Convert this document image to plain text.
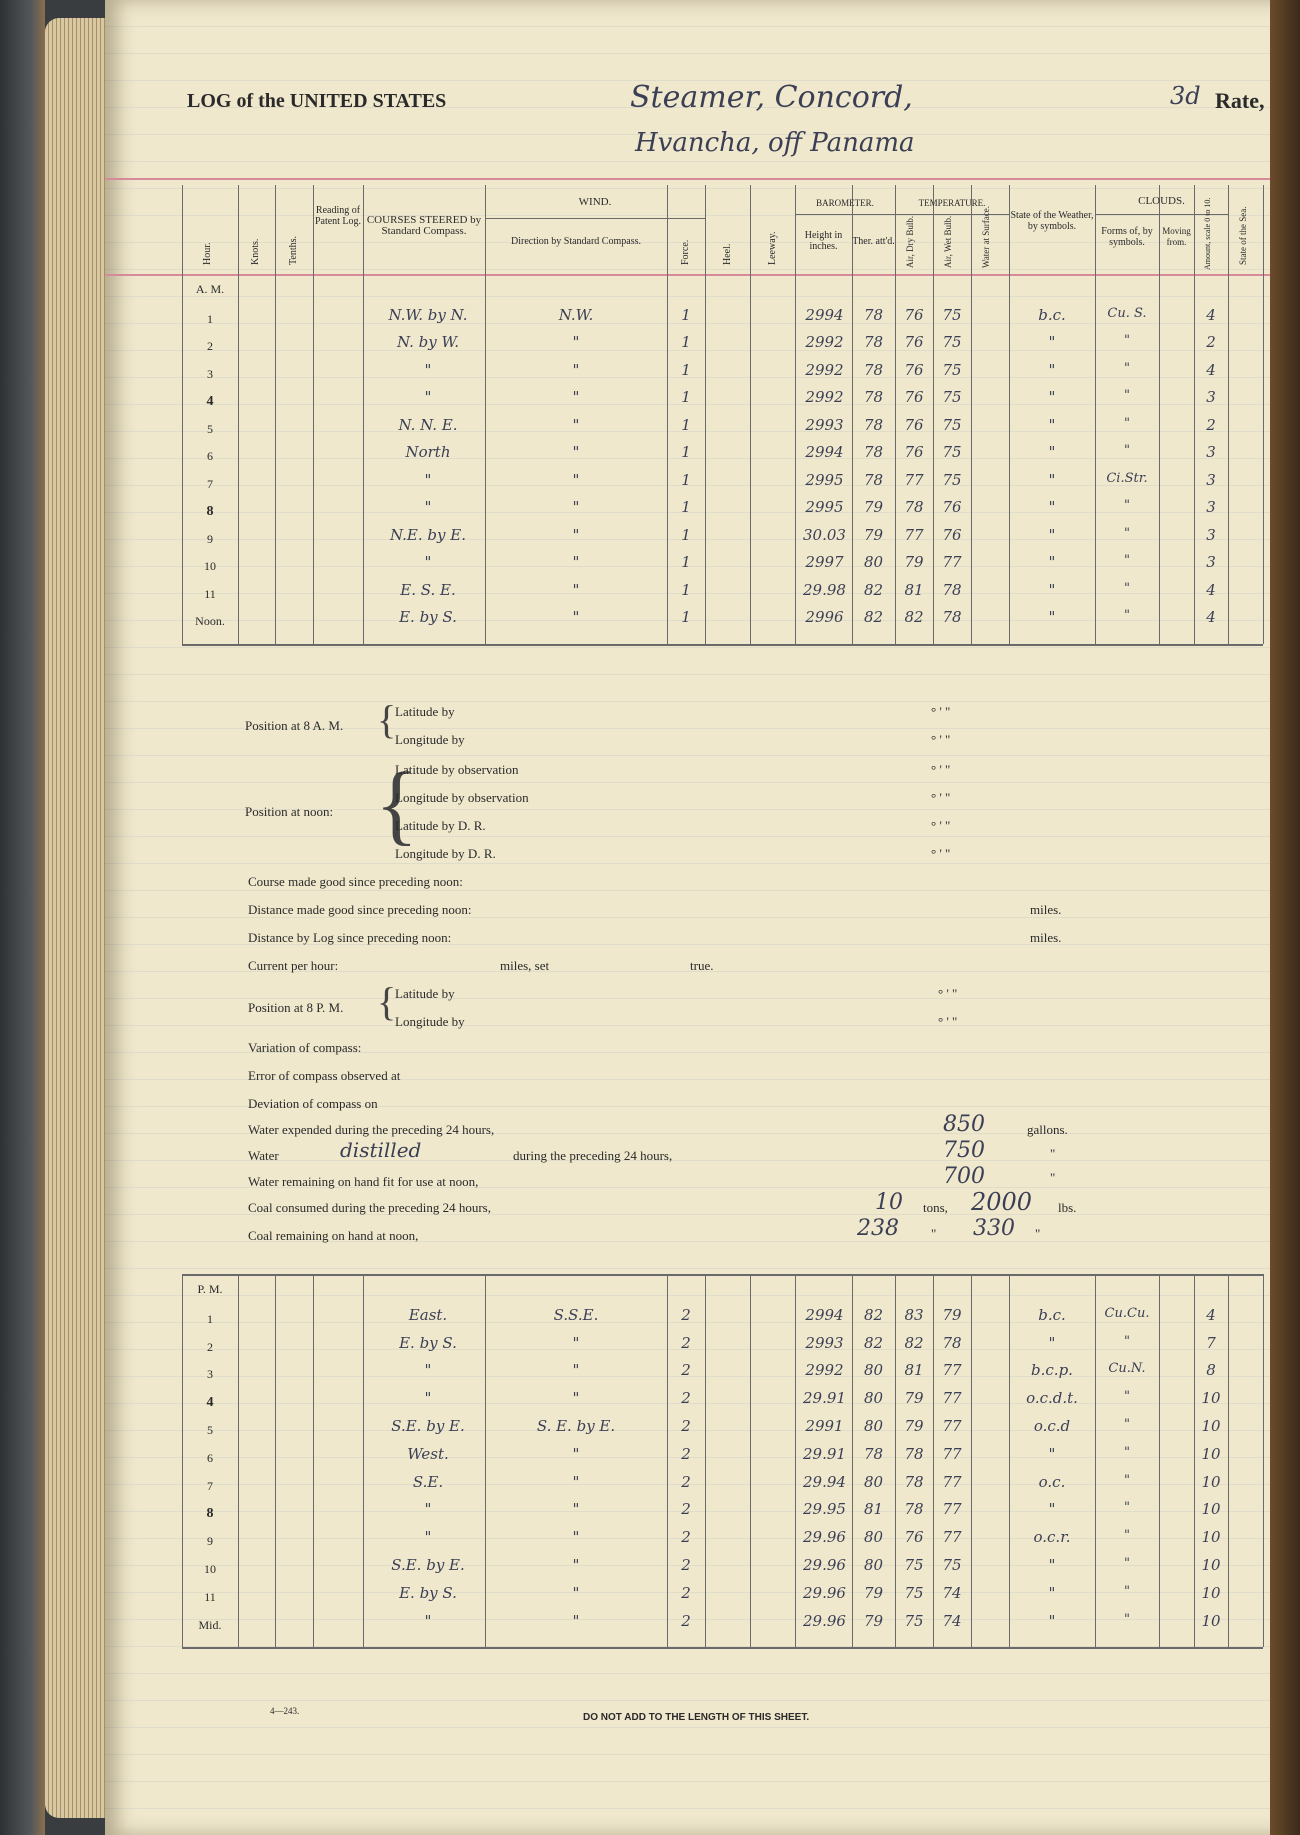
LOG of the UNITED STATES	Steamer, Concord,
Hvancha, off Panama
3d Rate,
Hour.	Knots.	Tenths.
Reading of Patent Log. COURSES STEERED by Standard Compass.
WIND.
Direction by Standard Compass.	Force.	Heel.	Leeway.
BAROMETER.
Height in inches.	Ther. att'd.
TEMPERATURE.
Air, Dry Bulb.	Air, Wet Bulb.	Water at Surface. State of the Weather, by symbols.
CLOUDS.
Forms of, by symbols.
Moving from.	Amount, scale 0 to 10.	State of the Sea.
A. M.
1	N.W. by N.	N.W.	1	2994	78	76	75	b.c.	Cu. S.	4
2	N. by W.	"	1	2992	78	76	75	"	"	2
3	"	"	1	2992	78	76	75	"	"	4
4	"	"	1	2992	78	76	75	"	"	3
5	N. N. E.	"	1	2993	78	76	75	"	"	2
6	North	"	1	2994	78	76	75	"	"	3
7	"	"	1	2995	78	77	75	"	Ci.Str.	3
8	"	"	1	2995	79	78	76	"	"	3
9	N.E. by E.	"	1	30.03	79	77	76	"	"	3
10	"	"	1	2997	80	79	77	"	"	3
11	E. S. E.	"	1	29.98	82	81	78	"	"	4
Noon.	E. by S.	"	1	2996	82	82	78	"	"	4
Position at 8 A. M. {
Latitude by
Longitude by
° ' "
° ' "
Position at noon: {
Latitude by observation
Longitude by observation
Latitude by D. R.
Longitude by D. R.
° ' "
° ' "
° ' "
° ' "
Course made good since preceding noon:
Distance made good since preceding noon:	miles.
Distance by Log since preceding noon:	miles.
Current per hour:	miles, set	true.
Position at 8 P. M. {
Latitude by
Longitude by
° ' "
° ' "
Variation of compass:
Error of compass observed at
Deviation of compass on
Water expended during the preceding 24 hours,	850	gallons.
Water	distilled	during the preceding 24 hours,	750	"
Water remaining on hand fit for use at noon,	700	"
Coal consumed during the preceding 24 hours,	10 tons, 2000 lbs.
Coal remaining on hand at noon,	238 " 330 "
P. M.
1	East.	S.S.E.	2	2994	82	83	79	b.c.	Cu.Cu.	4
2	E. by S.	"	2	2993	82	82	78	"	"	7
3	"	"	2	2992	80	81	77	b.c.p.	Cu.N.	8
4	"	"	2	29.91	80	79	77	o.c.d.t.	"	10
5	S.E. by E.	S. E. by E.	2	2991	80	79	77	o.c.d	"	10
6	West.	"	2	29.91	78	78	77	"	"	10
7	S.E.	"	2	29.94	80	78	77	o.c.	"	10
8	"	"	2	29.95	81	78	77	"	"	10
9	"	"	2	29.96	80	76	77	o.c.r.	"	10
10	S.E. by E.	"	2	29.96	80	75	75	"	"	10
11	E. by S.	"	2	29.96	79	75	74	"	"	10
Mid.	"	"	2	29.96	79	75	74	"	"	10
4—243.
DO NOT ADD TO THE LENGTH OF THIS SHEET.
